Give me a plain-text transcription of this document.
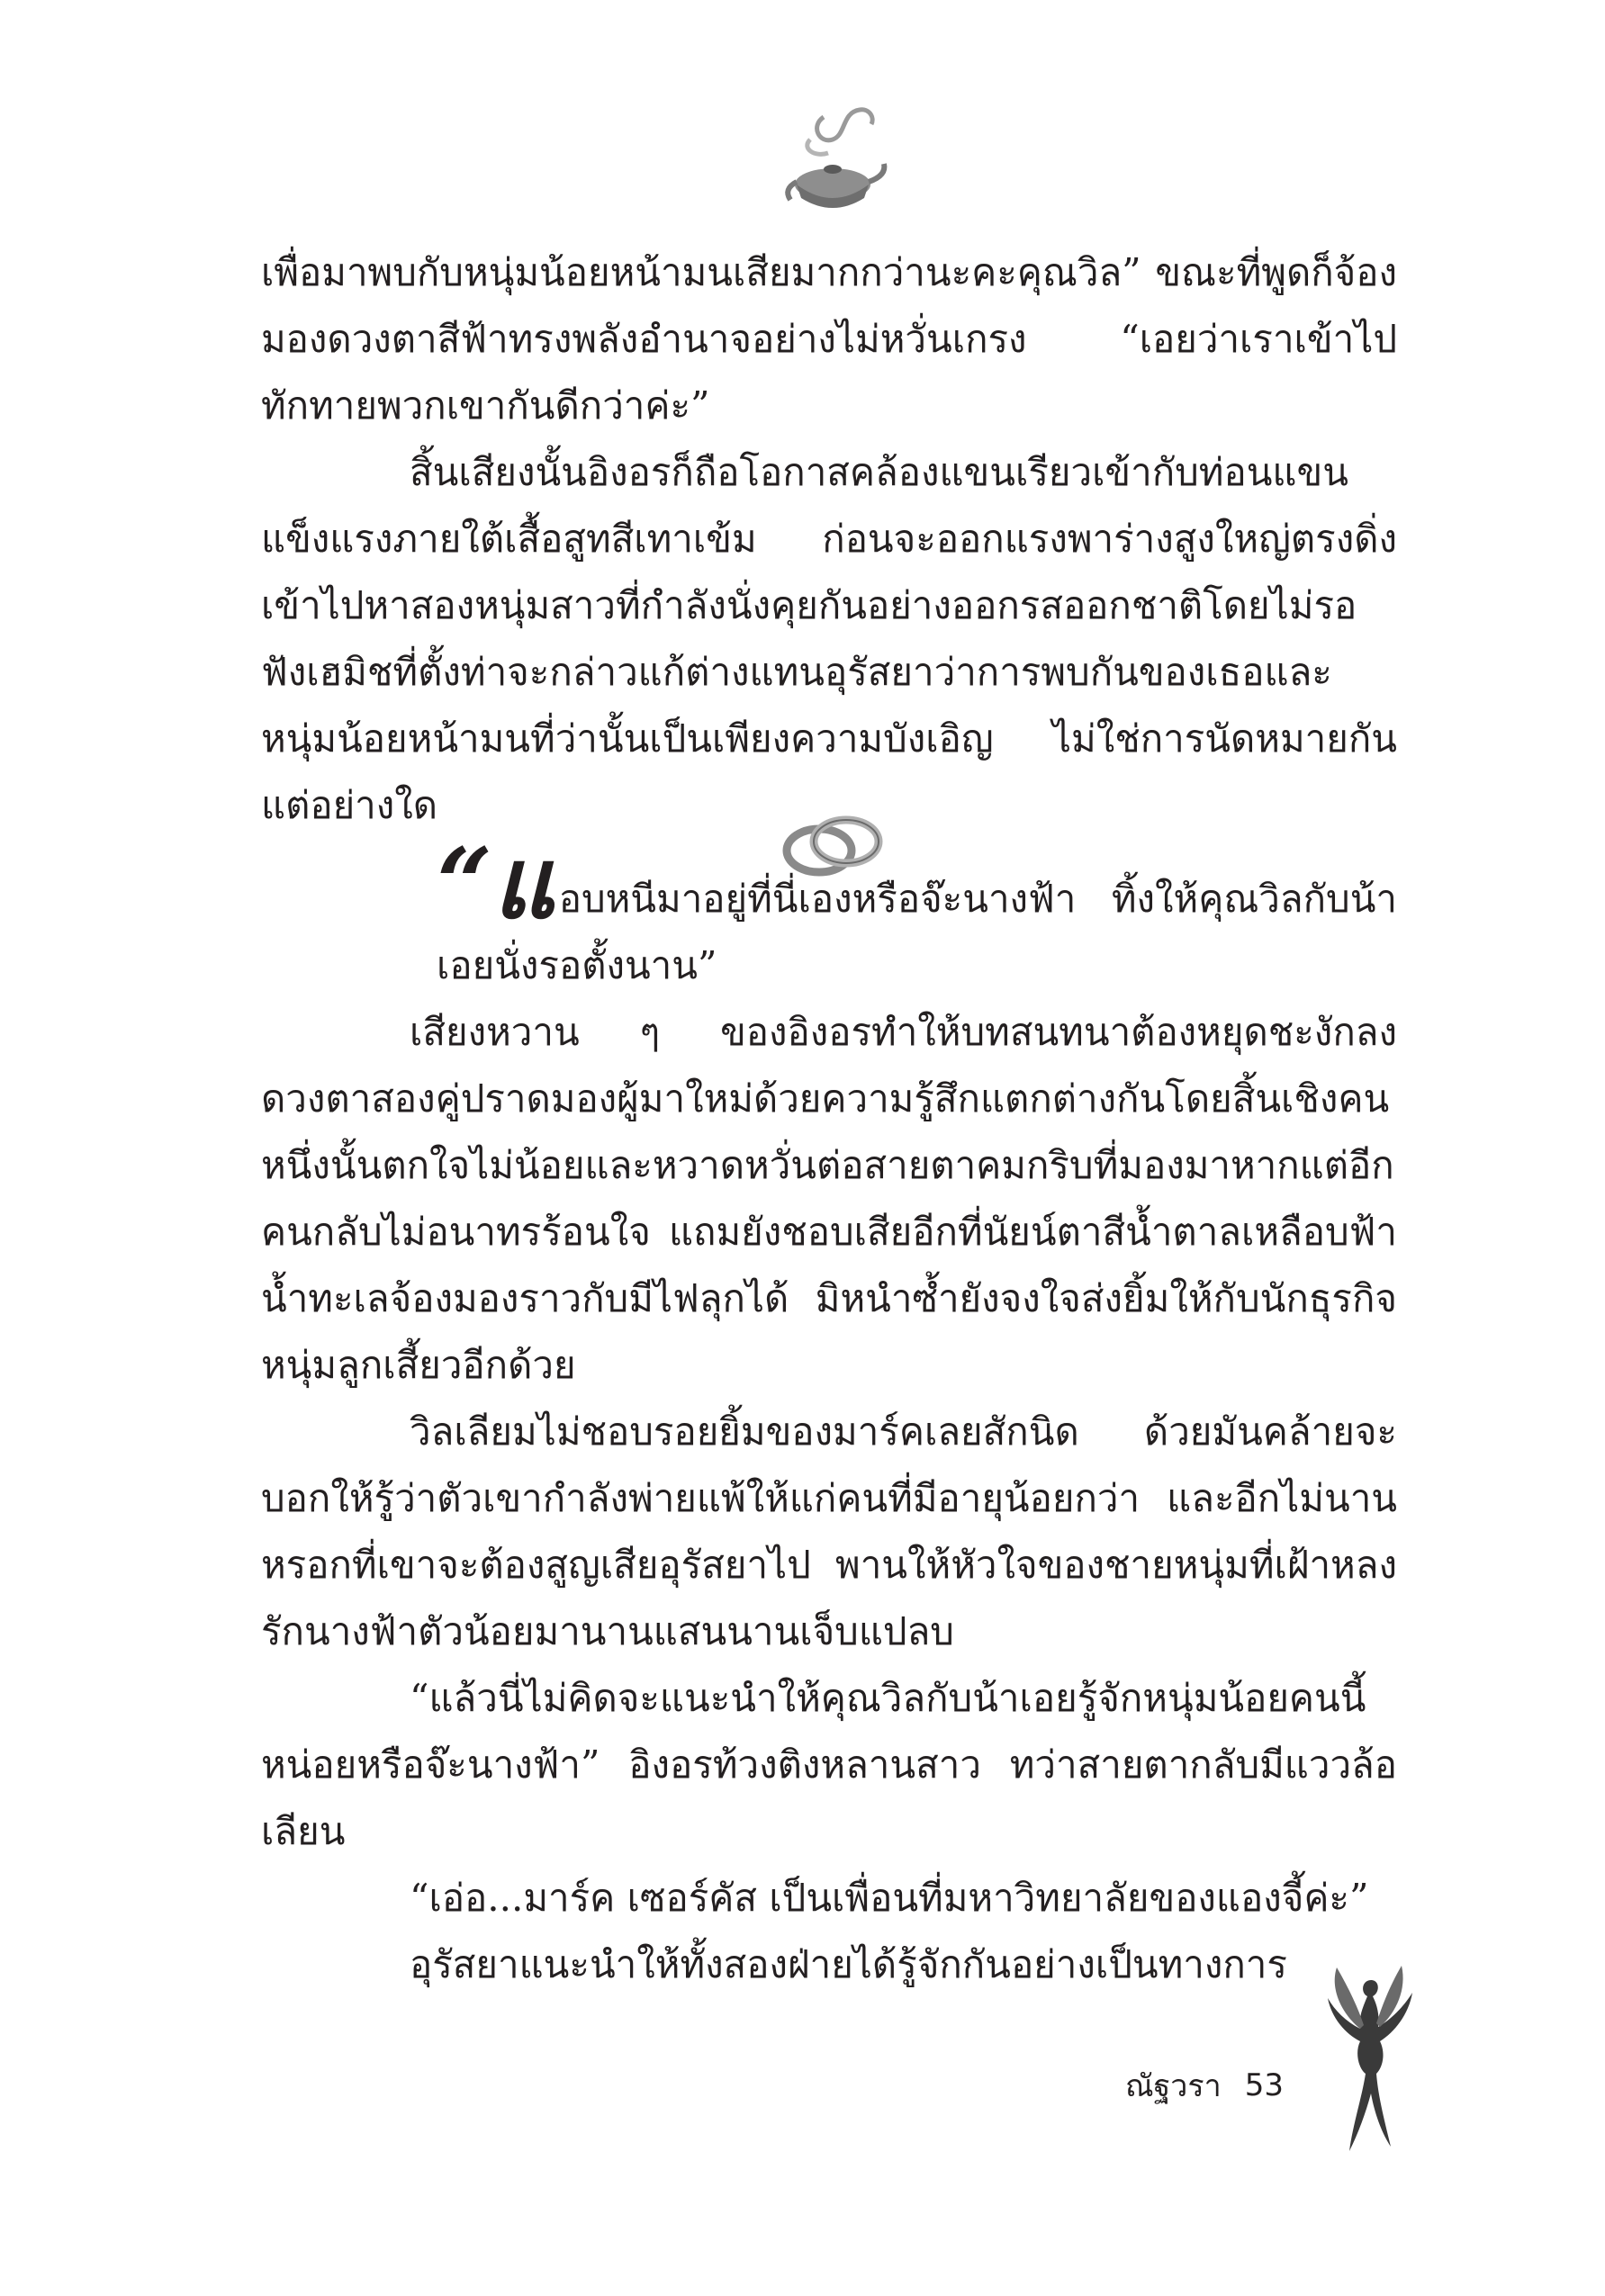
เพื่อมาพบกับหนุ่มน้อยหน้ามนเสียมากกว่านะคะคุณวิล” ขณะที่พูดก็จ้องมองดวงตาสีฟ้าทรงพลังอำนาจอย่างไม่หวั่นเกรง “เอยว่าเราเข้าไปทักทายพวกเขากันดีกว่าค่ะ”

สิ้นเสียงนั้นอิงอรก็ถือโอกาสคล้องแขนเรียวเข้ากับท่อนแขนแข็งแรงภายใต้เสื้อสูทสีเทาเข้ม ก่อนจะออกแรงพาร่างสูงใหญ่ตรงดิ่งเข้าไปหาสองหนุ่มสาวที่กำลังนั่งคุยกันอย่างออกรสออกชาติโดยไม่รอฟังเฮมิชที่ตั้งท่าจะกล่าวแก้ต่างแทนอุรัสยาว่าการพบกันของเธอและหนุ่มน้อยหน้ามนที่ว่านั้นเป็นเพียงความบังเอิญ ไม่ใช่การนัดหมายกันแต่อย่างใด

“แอบหนีมาอยู่ที่นี่เองหรือจ๊ะนางฟ้า ทิ้งให้คุณวิลกับน้าเอยนั่งรอตั้งนาน”

เสียงหวาน ๆ ของอิงอรทำให้บทสนทนาต้องหยุดชะงักลงดวงตาสองคู่ปราดมองผู้มาใหม่ด้วยความรู้สึกแตกต่างกันโดยสิ้นเชิงคนหนึ่งนั้นตกใจไม่น้อยและหวาดหวั่นต่อสายตาคมกริบที่มองมาหากแต่อีกคนกลับไม่อนาทรร้อนใจ แถมยังชอบเสียอีกที่นัยน์ตาสีน้ำตาลเหลือบฟ้าน้ำทะเลจ้องมองราวกับมีไฟลุกได้ มิหนำซ้ำยังจงใจส่งยิ้มให้กับนักธุรกิจหนุ่มลูกเสี้ยวอีกด้วย

วิลเลียมไม่ชอบรอยยิ้มของมาร์คเลยสักนิด ด้วยมันคล้ายจะบอกให้รู้ว่าตัวเขากำลังพ่ายแพ้ให้แก่คนที่มีอายุน้อยกว่า และอีกไม่นานหรอกที่เขาจะต้องสูญเสียอุรัสยาไป พานให้หัวใจของชายหนุ่มที่เฝ้าหลงรักนางฟ้าตัวน้อยมานานแสนนานเจ็บแปลบ

“แล้วนี่ไม่คิดจะแนะนำให้คุณวิลกับน้าเอยรู้จักหนุ่มน้อยคนนี้หน่อยหรือจ๊ะนางฟ้า” อิงอรท้วงติงหลานสาว ทว่าสายตากลับมีแววล้อเลียน

“เอ่อ...มาร์ค เซอร์คัส เป็นเพื่อนที่มหาวิทยาลัยของแองจี้ค่ะ”

อุรัสยาแนะนำให้ทั้งสองฝ่ายได้รู้จักกันอย่างเป็นทางการ

ณัฐวรา 53
